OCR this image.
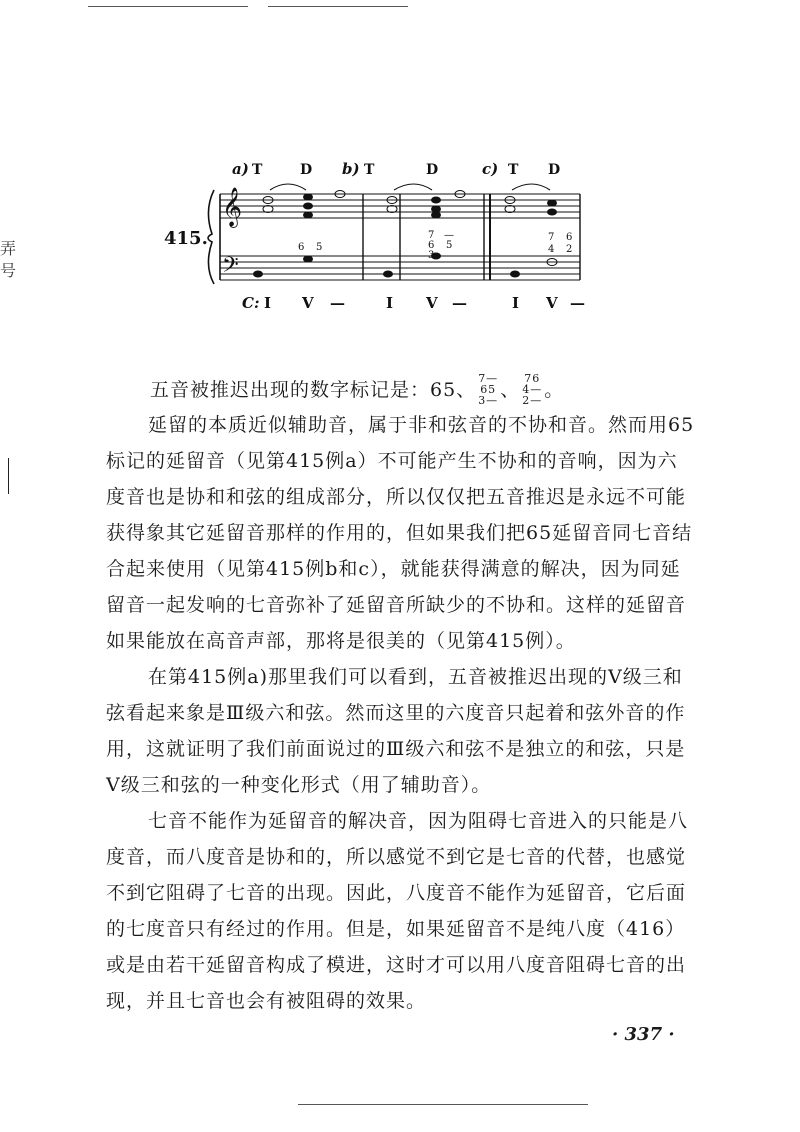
弄
号
𝄞
𝄢
415.
a)	b)	c)
T	D	T	D	T D
6 5
7
6
3
—
5
7 6
4 2
C: I V —	I V —	I V —

五音被推迟出现的数字标记是：65、
7—
65
3— 、
76
4—
2— 。

延留的本质近似辅助音，属于非和弦音的不协和音。然而用65标记的延留音（见第415例a）不可能产生不协和的音响，因为六度音也是协和和弦的组成部分，所以仅仅把五音推迟是永远不可能获得象其它延留音那样的作用的，但如果我们把65延留音同七音结合起来使用（见第415例b和c），就能获得满意的解决，因为同延留音一起发响的七音弥补了延留音所缺少的不协和。这样的延留音如果能放在高音声部，那将是很美的（见第415例）。

在第415例a)那里我们可以看到，五音被推迟出现的Ⅴ级三和弦看起来象是Ⅲ级六和弦。然而这里的六度音只起着和弦外音的作用，这就证明了我们前面说过的Ⅲ级六和弦不是独立的和弦，只是Ⅴ级三和弦的一种变化形式（用了辅助音）。

七音不能作为延留音的解决音，因为阻碍七音进入的只能是八度音，而八度音是协和的，所以感觉不到它是七音的代替，也感觉不到它阻碍了七音的出现。因此，八度音不能作为延留音，它后面的七度音只有经过的作用。但是，如果延留音不是纯八度（416）或是由若干延留音构成了模进，这时才可以用八度音阻碍七音的出现，并且七音也会有被阻碍的效果。

· 337 ·
